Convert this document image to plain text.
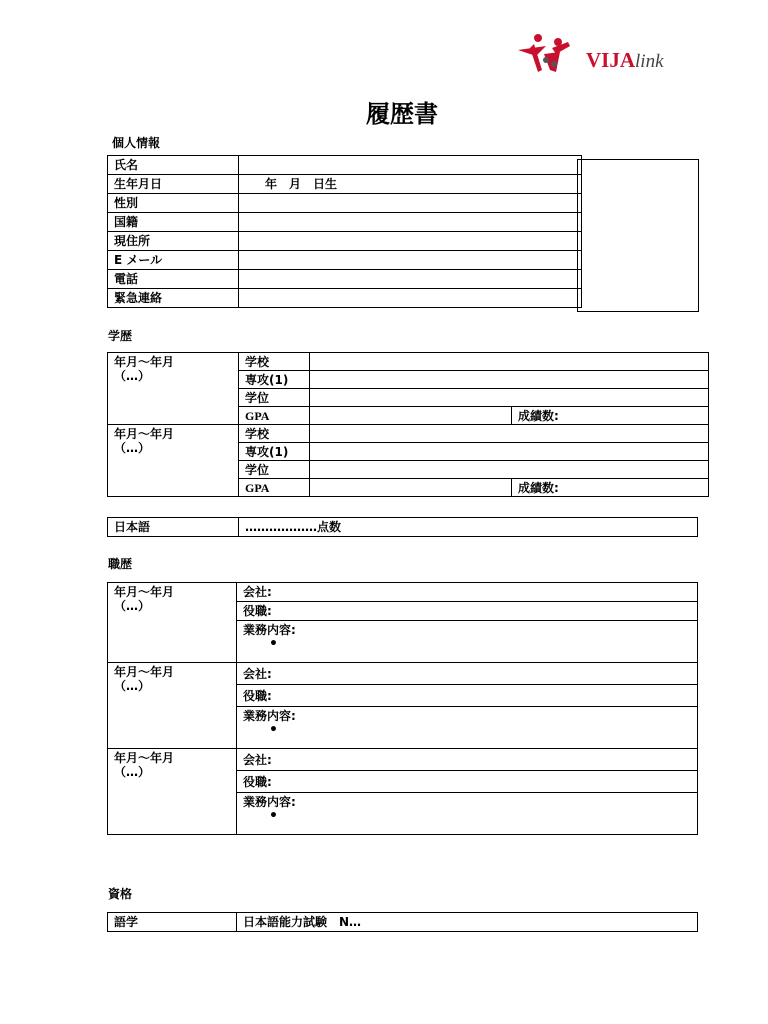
VIJAlink
履歴書
個人情報
氏名	
生年月日	年　月　日生
性別	
国籍	
現住所	
E メール	
電話	
緊急連絡	
学歴
年月～年月
（…）	学校		
	専攻(1)		
	学位		
	GPA		成績数:

年月～年月
（…）	学校		
	専攻(1)		
	学位		
	GPA		成績数:
日本語	………………点数
職歴
年月～年月
（…）	会社:
	役職:

	業務内容:
•

年月～年月
（…）	会社:
	役職:

	業務内容:
•

年月～年月
（…）	会社:
	役職:

	業務内容:
•
資格
語学	日本語能力試験　N…
